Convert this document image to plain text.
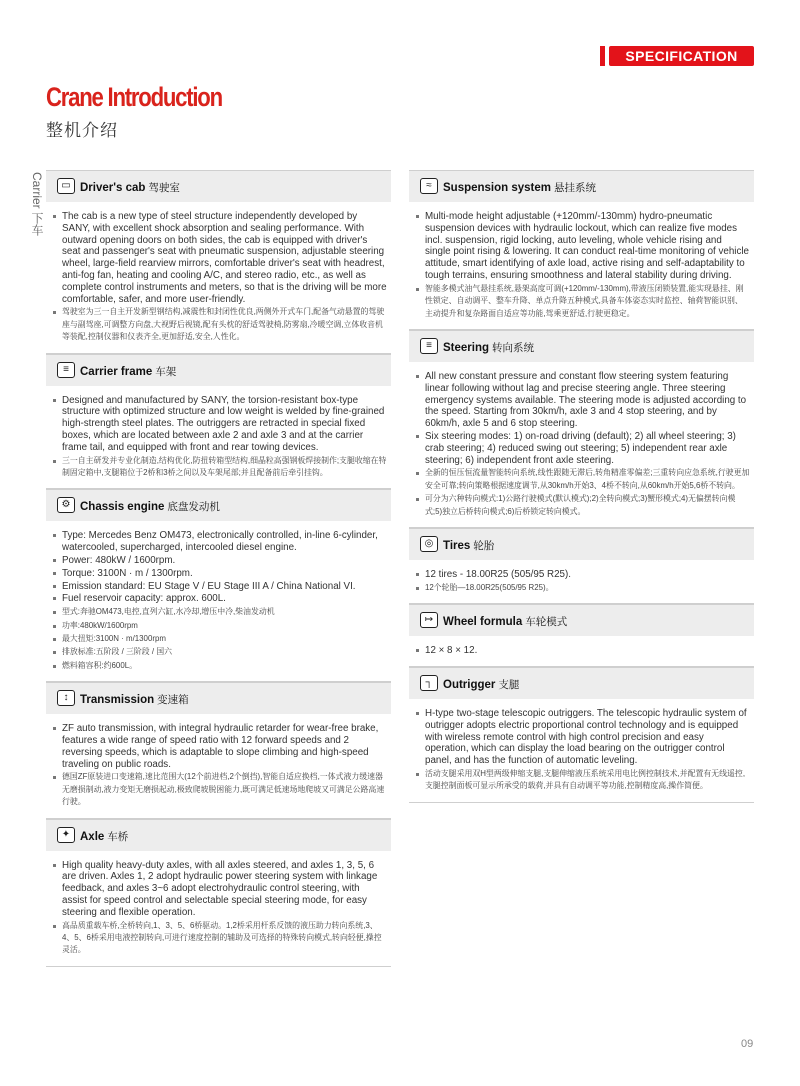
SPECIFICATION
Crane Introduction
整机介绍
Carrier 下车	▭ Driver's cab 驾驶室
The cab is a new type of steel structure independently developed by SANY, with excellent shock absorption and sealing performance. With outward opening doors on both sides, the cab is equipped with driver's seat and passenger's seat with pneumatic suspension, adjustable steering wheel, large-field rearview mirrors, comfortable driver's seat with headrest, anti-fog fan, heating and cooling A/C, and stereo radio, etc., as well as complete control instruments and meters, so that is the driving will be more comfortable, safer, and more user-friendly.
驾驶室为三一自主开发新型钢结构,减震性和封闭性优良,两侧外开式车门,配备气动悬置的驾驶座与副驾座,可调整方向盘,大视野后视镜,配有头枕的舒适驾驶椅,防雾扇,冷暖空调,立体收音机等装配,控制仪器和仪表齐全,更加舒适,安全,人性化。
≡ Carrier frame 车架
Designed and manufactured by SANY, the torsion-resistant box-type structure with optimized structure and low weight is welded by fine-grained high-strength steel plates. The outriggers are retracted in special fixed boxes, which are located between axle 2 and axle 3 and at the carrier frame tail, and equipped with front and rear towing devices.
三一自主研发并专业化制造,结构优化,防扭转箱型结构,细晶粒高强钢板焊接制作;支腿收缩在特制固定箱中,支腿箱位于2桥和3桥之间以及车架尾部;并且配备前后牵引挂钩。
⚙ Chassis engine 底盘发动机
Type: Mercedes Benz OM473, electronically controlled, in-line 6-cylinder, watercooled, supercharged, intercooled diesel engine.
Power: 480kW / 1600rpm.
Torque: 3100N · m / 1300rpm.
Emission standard: EU Stage V / EU Stage III A / China National VI.
Fuel reservoir capacity: approx. 600L.
型式:奔驰OM473,电控,直列六缸,水冷却,增压中冷,柴油发动机
功率:480kW/1600rpm
最大扭矩:3100N · m/1300rpm
排放标准:五阶段 / 三阶段 / 国六
燃料箱容积:约600L。
↕	Transmission 变速箱
ZF auto transmission, with integral hydraulic retarder for wear-free brake, features a wide range of speed ratio with 12 forward speeds and 2 reversing speeds, which is adaptable to slope climbing and high-speed traveling on public roads.
德国ZF原装进口变速箱,速比范围大(12个前进档,2个倒挡),智能自适应换档,一体式液力缓速器无磨损制动,液力变矩无磨损起动,极致爬坡脱困能力,既可满足低速场地爬坡又可满足公路高速行驶。
✦ Axle 车桥
High quality heavy-duty axles, with all axles steered, and axles 1, 3, 5, 6 are driven. Axles 1, 2 adopt hydraulic power steering system with linkage feedback, and axles 3~6 adopt electrohydraulic control steering, with assist for speed control and selectable special steering mode, for easy steering and flexible operation.
高品质重载车桥,全桥转向,1、3、5、6桥驱动。1,2桥采用杆系反馈的液压助力转向系统,3、4、5、6桥采用电液控制转向,可进行速度控制的辅助及可选择的特殊转向模式,转向轻便,操控灵活。
≈ Suspension system 悬挂系统
Multi-mode height adjustable (+120mm/-130mm) hydro-pneumatic suspension devices with hydraulic lockout, which can realize five modes incl. suspension, rigid locking, auto leveling, whole vehicle rising and single point rising & lowering. It can conduct real-time monitoring of vehicle attitude, smart identifying of axle load, active rising and self-adaptability to tough terrains, ensuring smoothness and lateral stability during driving.
智能多模式油气悬挂系统,悬架高度可调(+120mm/-130mm),带液压闭锁装置,能实现悬挂、刚性锁定、自动调平、整车升降、单点升降五种模式,具备车体姿态实时监控、轴荷智能识别、主动提升和复杂路面自适应等功能,驾乘更舒适,行驶更稳定。
≡ Steering 转向系统
All new constant pressure and constant flow steering system featuring linear following without lag and precise steering angle. Three steering emergency systems available. The steering mode is adjusted according to the speed. Starting from 30km/h, axle 3 and 4 stop steering, and by 60km/h, axle 5 and 6 stop steering.
Six steering modes: 1) on-road driving (default); 2) all wheel steering; 3) crab steering; 4) reduced swing out steering; 5) independent rear axle steering; 6) independent front axle steering.
全新的恒压恒流量智能转向系统,线性跟随无滞后,转角精准零偏差;三重转向应急系统,行驶更加安全可靠;转向策略根据速度调节,从30km/h开始3、4桥不转向,从60km/h开始5,6桥不转向。
可分为六种转向模式:1)公路行驶模式(默认模式);2)全转向模式;3)蟹形模式;4)无偏摆转向模式;5)独立后桥转向模式;6)后桥锁定转向模式。
◎ Tires 轮胎
12 tires - 18.00R25 (505/95 R25).
12个轮胎—18.00R25(505/95 R25)。
↦ Wheel formula 车轮模式
12 × 8 × 12.
┐ Outrigger 支腿
H-type two-stage telescopic outriggers. The telescopic hydraulic system of outrigger adopts electric proportional control technology and is equipped with wireless remote control with high control precision and easy operation, which can display the load bearing on the outrigger control panel, and has the function of automatic leveling.
活动支腿采用双H型两级伸缩支腿,支腿伸缩液压系统采用电比例控制技术,并配置有无线遥控,支腿控制面板可显示所承受的载荷,并具有自动调平等功能,控制精度高,操作简便。
09
